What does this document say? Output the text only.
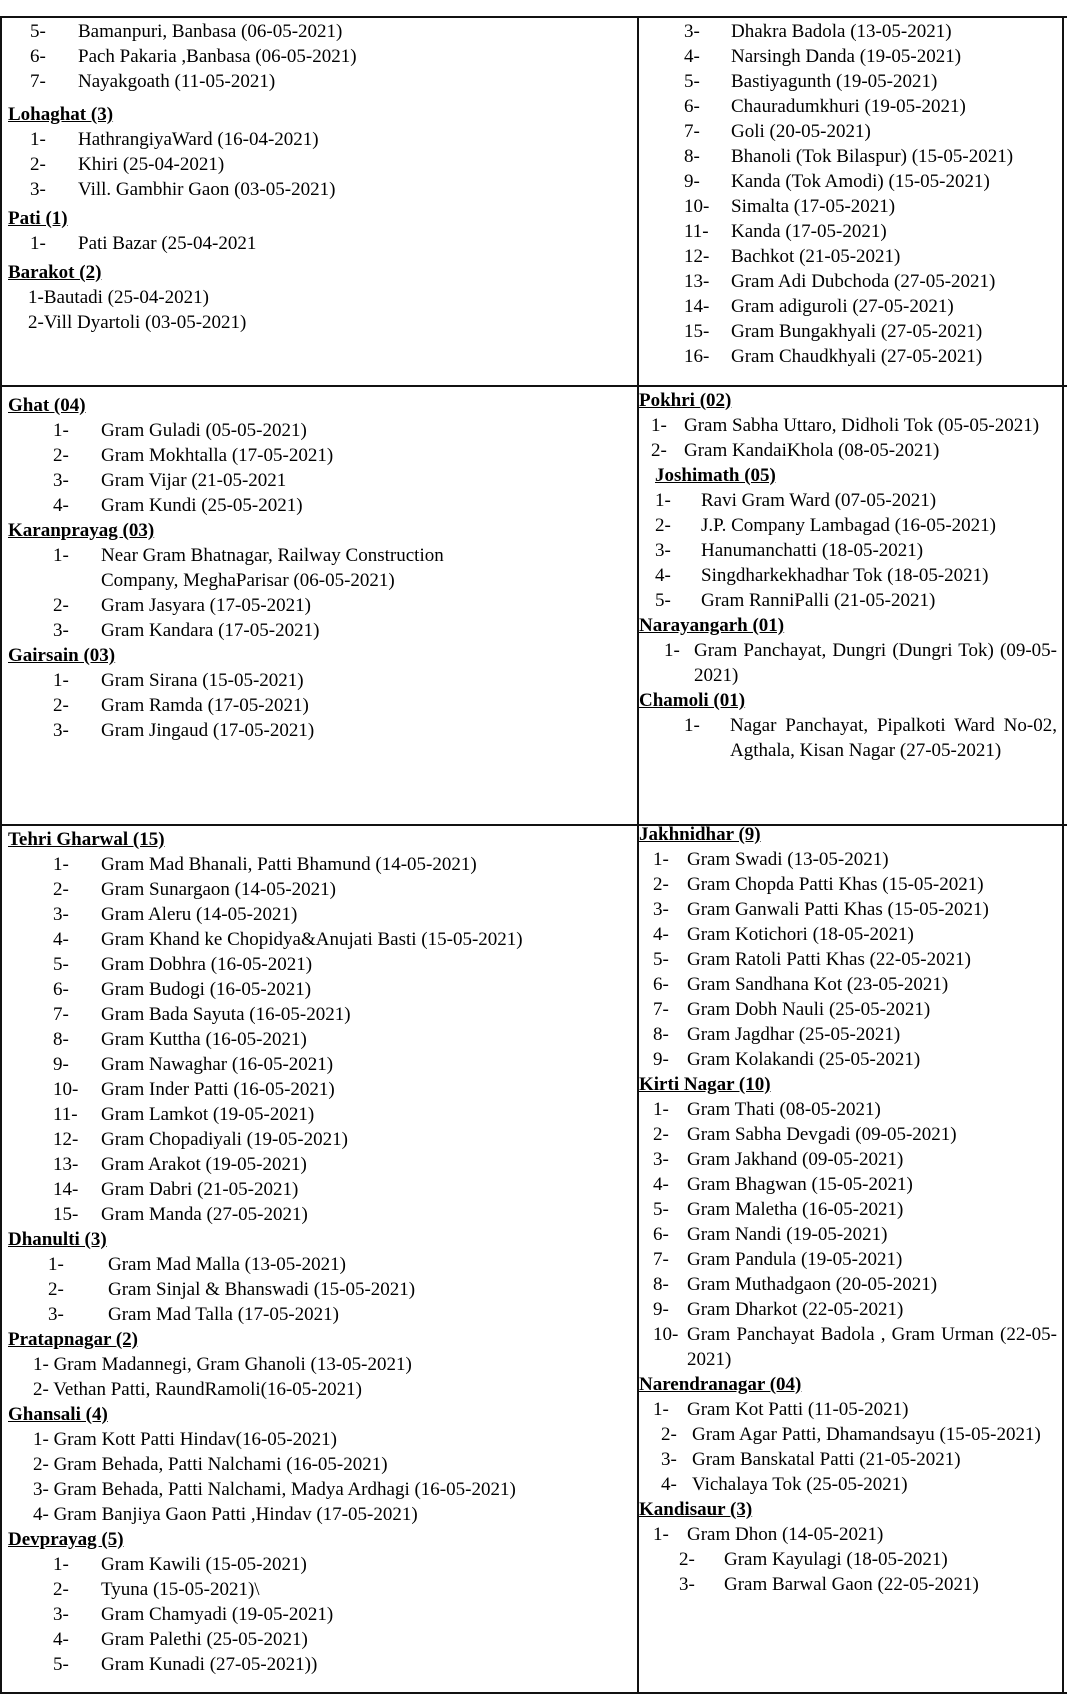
5-	Bamanpuri, Banbasa (06-05-2021)
6-	Pach Pakaria ,Banbasa (06-05-2021)
7-	Nayakgoath (11-05-2021)
Lohaghat (3)
1-	HathrangiyaWard (16-04-2021)
2-	Khiri (25-04-2021)
3-	Vill. Gambhir Gaon (03-05-2021)
Pati (1)
1-	Pati Bazar (25-04-2021
Barakot (2)
1-Bautadi (25-04-2021)
2-Vill Dyartoli (03-05-2021)
3-	Dhakra Badola (13-05-2021)
4-	Narsingh Danda (19-05-2021)
5-	Bastiyagunth (19-05-2021)
6-	Chauradumkhuri (19-05-2021)
7-	Goli (20-05-2021)
8-	Bhanoli (Tok Bilaspur) (15-05-2021)
9-	Kanda (Tok Amodi) (15-05-2021)
10-	Simalta (17-05-2021)
11-	Kanda (17-05-2021)
12-	Bachkot (21-05-2021)
13-	Gram Adi Dubchoda (27-05-2021)
14-	Gram adiguroli (27-05-2021)
15-	Gram Bungakhyali (27-05-2021)
16-	Gram Chaudkhyali (27-05-2021)
Ghat (04)
1-	Gram Guladi (05-05-2021)
2-	Gram Mokhtalla (17-05-2021)
3-	Gram Vijar (21-05-2021
4-	Gram Kundi (25-05-2021)
Karanprayag (03)
1-	Near Gram Bhatnagar, Railway Construction Company, MeghaParisar (06-05-2021)
2-	Gram Jasyara (17-05-2021)
3-	Gram Kandara (17-05-2021)
Gairsain (03)
1-	Gram Sirana (15-05-2021)
2-	Gram Ramda (17-05-2021)
3-	Gram Jingaud (17-05-2021)
Pokhri (02)
1- Gram Sabha Uttaro, Didholi Tok (05-05-2021)
2- Gram KandaiKhola (08-05-2021)
Joshimath (05)
1-	Ravi Gram Ward (07-05-2021)
2-	J.P. Company Lambagad (16-05-2021)
3-	Hanumanchatti (18-05-2021)
4-	Singdharkekhadhar Tok (18-05-2021)
5-	Gram RanniPalli (21-05-2021)
Narayangarh (01)
1- Gram Panchayat, Dungri (Dungri Tok) (09-05-2021)
Chamoli (01)
1-	Nagar Panchayat, Pipalkoti Ward No-02, Agthala, Kisan Nagar (27-05-2021)
Tehri Gharwal (15)
1-	Gram Mad Bhanali, Patti Bhamund (14-05-2021)
2-	Gram Sunargaon (14-05-2021)
3-	Gram Aleru (14-05-2021)
4-	Gram Khand ke Chopidya&Anujati Basti (15-05-2021)
5-	Gram Dobhra (16-05-2021)
6-	Gram Budogi (16-05-2021)
7-	Gram Bada Sayuta (16-05-2021)
8-	Gram Kuttha (16-05-2021)
9-	Gram Nawaghar (16-05-2021)
10-	Gram Inder Patti (16-05-2021)
11-	Gram Lamkot (19-05-2021)
12-	Gram Chopadiyali (19-05-2021)
13-	Gram Arakot (19-05-2021)
14-	Gram Dabri (21-05-2021)
15-	Gram Manda (27-05-2021)
Dhanulti (3)
1-	Gram Mad Malla (13-05-2021)
2-	Gram Sinjal & Bhanswadi (15-05-2021)
3-	Gram Mad Talla (17-05-2021)
Pratapnagar (2)
1- Gram Madannegi, Gram Ghanoli (13-05-2021)
2- Vethan Patti, RaundRamoli(16-05-2021)
Ghansali (4)
1- Gram Kott Patti Hindav(16-05-2021)
2- Gram Behada, Patti Nalchami (16-05-2021)
3- Gram Behada, Patti Nalchami, Madya Ardhagi (16-05-2021)
4- Gram Banjiya Gaon Patti ,Hindav (17-05-2021)
Devprayag (5)
1-	Gram Kawili (15-05-2021)
2-	Tyuna (15-05-2021)\
3-	Gram Chamyadi (19-05-2021)
4-	Gram Palethi (25-05-2021)
5-	Gram Kunadi (27-05-2021))
Jakhnidhar (9)
1- Gram Swadi (13-05-2021)
2- Gram Chopda Patti Khas (15-05-2021)
3- Gram Ganwali Patti Khas (15-05-2021)
4- Gram Kotichori (18-05-2021)
5- Gram Ratoli Patti Khas (22-05-2021)
6- Gram Sandhana Kot (23-05-2021)
7- Gram Dobh Nauli (25-05-2021)
8- Gram Jagdhar (25-05-2021)
9- Gram Kolakandi (25-05-2021)
Kirti Nagar (10)
1- Gram Thati (08-05-2021)
2- Gram Sabha Devgadi (09-05-2021)
3- Gram Jakhand (09-05-2021)
4- Gram Bhagwan (15-05-2021)
5- Gram Maletha (16-05-2021)
6- Gram Nandi (19-05-2021)
7- Gram Pandula (19-05-2021)
8- Gram Muthadgaon (20-05-2021)
9- Gram Dharkot (22-05-2021)
10- Gram Panchayat Badola , Gram Urman (22-05-2021)
Narendranagar (04)
1- Gram Kot Patti (11-05-2021)
2- Gram Agar Patti, Dhamandsayu (15-05-2021)
3- Gram Banskatal Patti (21-05-2021)
4- Vichalaya Tok (25-05-2021)
Kandisaur (3)
1- Gram Dhon (14-05-2021)
2-	Gram Kayulagi (18-05-2021)
3-	Gram Barwal Gaon (22-05-2021)
